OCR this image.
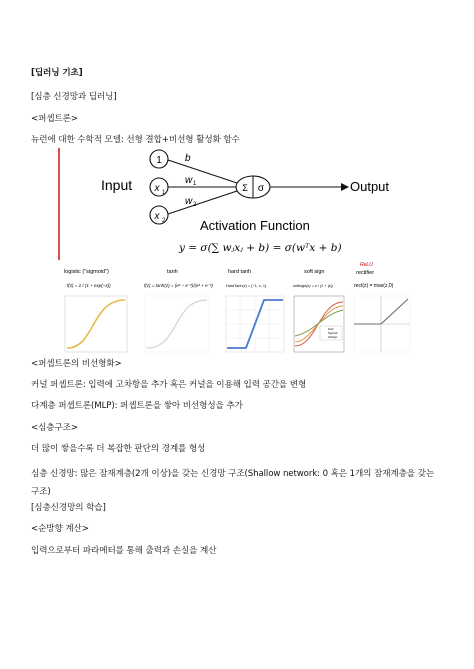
[딥러닝 기초]
[심층 신경망과 딥러닝]
<퍼셉트론>
뉴런에 대한 수학적 모델: 선형 결합+비선형 활성화 함수
Input
1
x 1
x 2
b
w 1
w 2
Σ σ	Output
Activation Function
y = σ(∑ wⱼxⱼ + b) = σ(wᵀx + b)
logistic ("sigmoid")
f(z) = 1 / (1 + exp(−z))
tanh
f(z) = tanh(z) = (eᶻ − e⁻ᶻ)/(eᶻ + e⁻ᶻ)
hard tanh
HardTanh(x) = {−1, x, 1}
soft sign
softsign(z) = z / (1 + |z|)
Tanh
Sigmoid
Softsign
ReLU
rectifier
rect(z) = max(z,0)
<퍼셉트론의 비선형화>
커널 퍼셉트론: 입력에 고차항을 추가 혹은 커널을 이용해 입력 공간을 변형
다계층 퍼셉트론(MLP): 퍼셉트론을 쌓아 비선형성을 추가
<심층구조>
더 많이 쌓을수록 더 복잡한 판단의 경계를 형성
심층 신경망: 많은 잠재계층(2개 이상)을 갖는 신경망 구조(Shallow network: 0 혹은 1개의 잠재계층을 갖는 구조)
[심층신경망의 학습]
<순방향 계산>
입력으로부터 파라메터를 통해 출력과 손실을 계산
